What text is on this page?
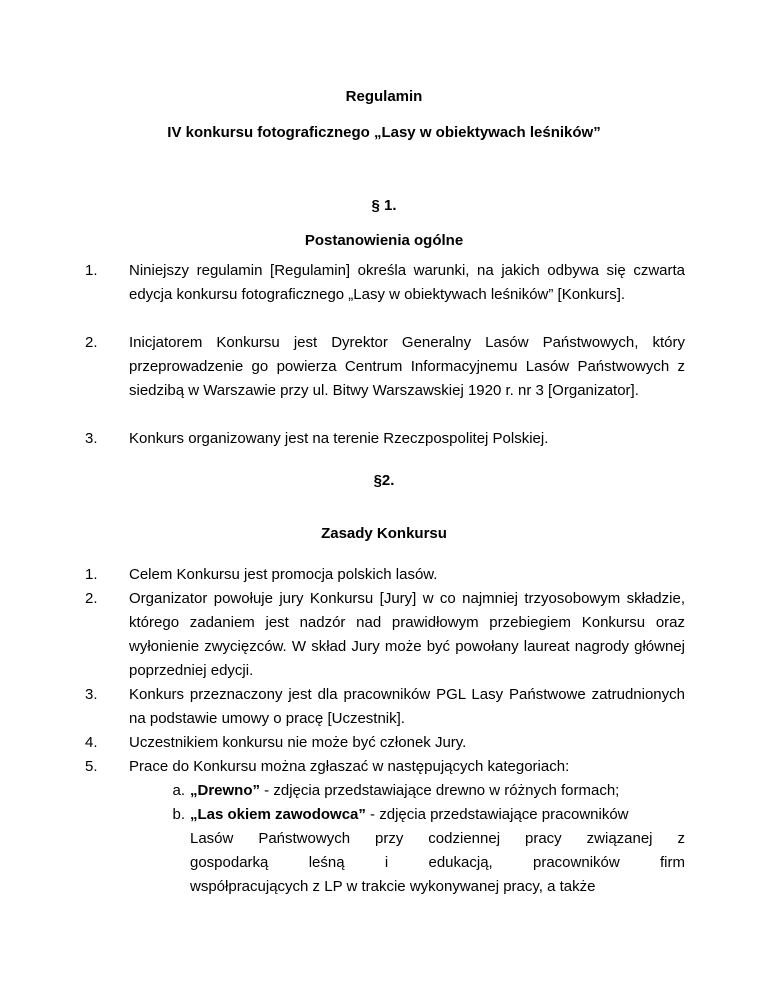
Regulamin
IV konkursu fotograficznego „Lasy w obiektywach leśników”
§ 1.
Postanowienia ogólne
1.	Niniejszy regulamin [Regulamin] określa warunki, na jakich odbywa się czwarta edycja konkursu fotograficznego „Lasy w obiektywach leśników” [Konkurs].
2.	Inicjatorem Konkursu jest Dyrektor Generalny Lasów Państwowych, który przeprowadzenie go powierza Centrum Informacyjnemu Lasów Państwowych z siedzibą w Warszawie przy ul. Bitwy Warszawskiej 1920 r. nr 3 [Organizator].
3.	Konkurs organizowany jest na terenie Rzeczpospolitej Polskiej.
§2.
Zasady Konkursu
1.	Celem Konkursu jest promocja polskich lasów.
2.	Organizator powołuje jury Konkursu [Jury] w co najmniej trzyosobowym składzie, którego zadaniem jest nadzór nad prawidłowym przebiegiem Konkursu oraz wyłonienie zwycięzców. W skład Jury może być powołany laureat nagrody głównej poprzedniej edycji.
3.	Konkurs przeznaczony jest dla pracowników PGL Lasy Państwowe zatrudnionych na podstawie umowy o pracę [Uczestnik].
4.	Uczestnikiem konkursu nie może być członek Jury.
5.	Prace do Konkursu można zgłaszać w następujących kategoriach:
a. „Drewno” - zdjęcia przedstawiające drewno w różnych formach;
b. „Las okiem zawodowca” - zdjęcia przedstawiające pracowników
Lasów Państwowych przy codziennej pracy związanej z
gospodarką leśną i edukacją, pracowników firm
współpracujących z LP w trakcie wykonywanej pracy, a także
